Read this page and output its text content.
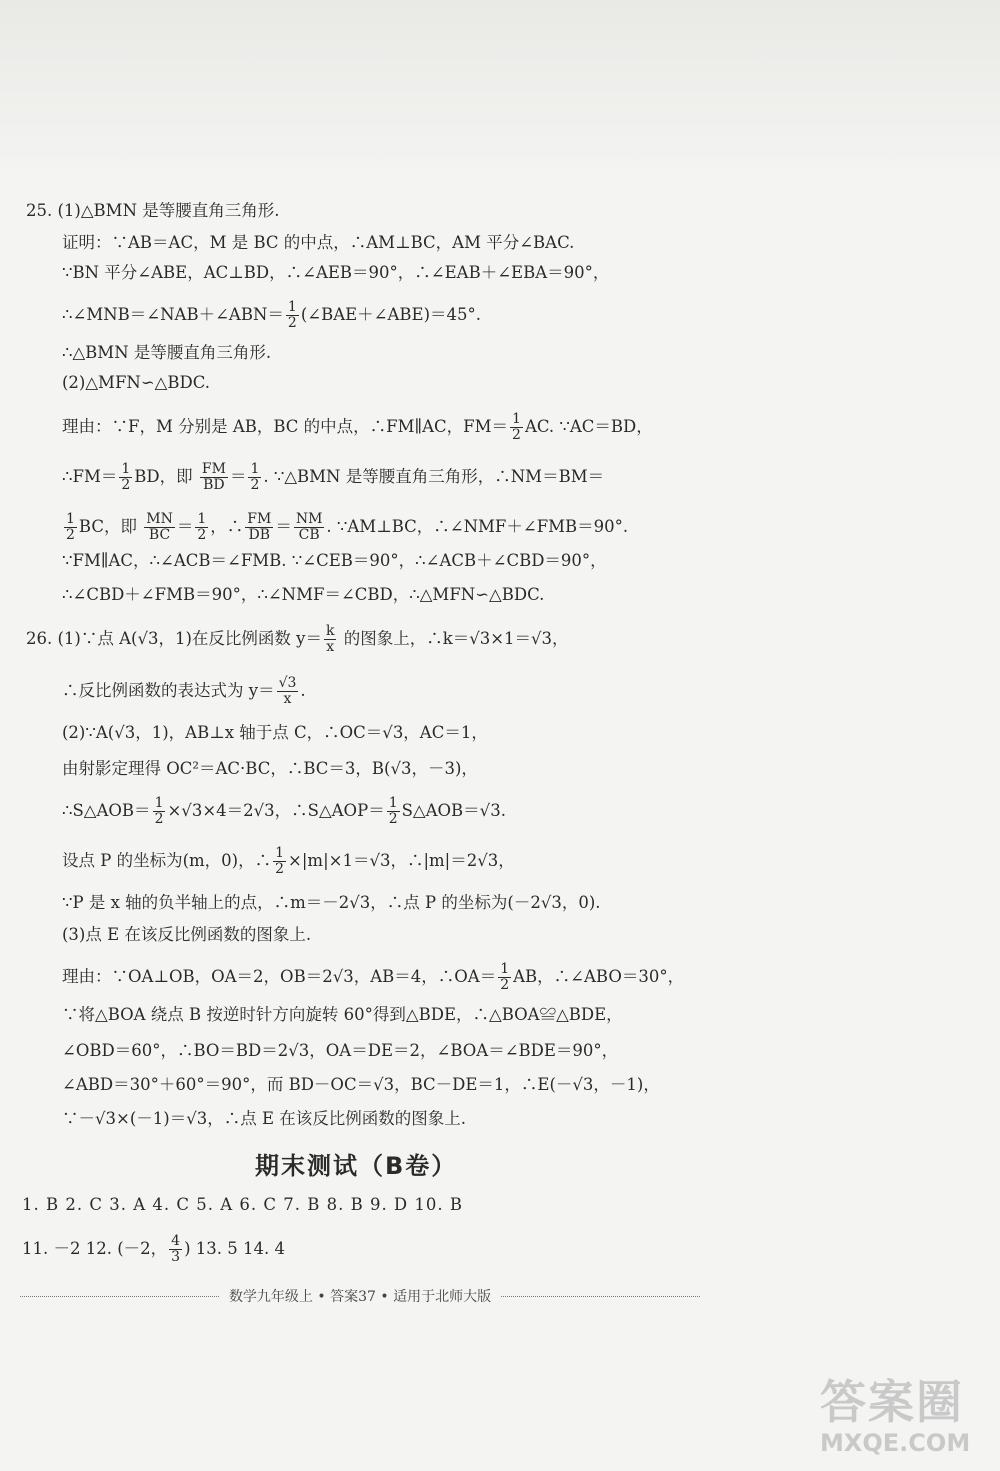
25. (1)△BMN 是等腰直角三角形.
证明：∵AB＝AC，M 是 BC 的中点，∴AM⊥BC，AM 平分∠BAC.
∵BN 平分∠ABE，AC⊥BD，∴∠AEB＝90°，∴∠EAB＋∠EBA＝90°，
∴∠MNB＝∠NAB＋∠ABN＝ $\frac{1}{2}$ (∠BAE＋∠ABE)＝45°.
∴△BMN 是等腰直角三角形.
(2)△MFN∽△BDC.
理由：∵F，M 分别是 AB，BC 的中点，∴FM∥AC，$FM= \frac{1}{2}$ AC. ∵AC＝BD，
∴FM＝ $\frac{1}{2}$ BD，即 $\frac{FM}{BD} = \frac{1}{2}$ . ∵△BMN 是等腰直角三角形，∴NM＝BM＝
$\frac{1}{2}$ BC，即 $\frac{MN}{BC} = \frac{1}{2}$ ，∴ $\frac{FM}{DB} = \frac{NM}{CB}$ . ∵AM⊥BC，∴∠NMF＋∠FMB＝90°.
∵FM∥AC，∴∠ACB＝∠FMB. ∵∠CEB＝90°，∴∠ACB＋∠CBD＝90°，
∴∠CBD＋∠FMB＝90°，∴∠NMF＝∠CBD，∴△MFN∽△BDC.
26. (1)∵点 A(√3，1)在反比例函数 $y= \frac{k}{x}$ 的图象上，∴k＝√3×1＝√3，
∴反比例函数的表达式为 $y= \frac{√3}{x}$ .
(2)∵A(√3，1)，AB⊥x 轴于点 C，∴OC＝√3，AC＝1，
由射影定理得 OC²＝AC·BC，∴BC＝3，B(√3，－3)，
∴S△AOB＝ $\frac{1}{2} \times√3\times 4=2√3$，∴S△AOP＝ $\frac{1}{2}$ S△AOB＝√3.
设点 P 的坐标为(m，0)，∴ $\frac{1}{2} \times|m|\times 1=√3$，∴|m|＝2√3，
∵P 是 x 轴的负半轴上的点，∴m＝－2√3，∴点 P 的坐标为(－2√3，0).
(3)点 E 在该反比例函数的图象上.
理由：∵OA⊥OB，OA＝2，OB＝2√3，AB＝4，∴OA＝ $\frac{1}{2}$ AB，∴∠ABO＝30°，
∵将△BOA 绕点 B 按逆时针方向旋转 60°得到△BDE，∴△BOA≌△BDE，
∠OBD＝60°，∴BO＝BD＝2√3，OA＝DE＝2，∠BOA＝∠BDE＝90°，
∠ABD＝30°＋60°＝90°，而 BD－OC＝√3，BC－DE＝1，∴E(－√3，－1)，
∵－√3×(－1)＝√3，∴点 E 在该反比例函数的图象上.
期末测试（B卷）
1. B 2. C 3. A 4. C 5. A 6. C 7. B 8. B 9. D 10. B
11. －2 12. (－2， $\frac{4}{3}$ ) 13. 5 14. 4
数学九年级上 • 答案37 • 适用于北师大版
答案圈
MXQE.COM
